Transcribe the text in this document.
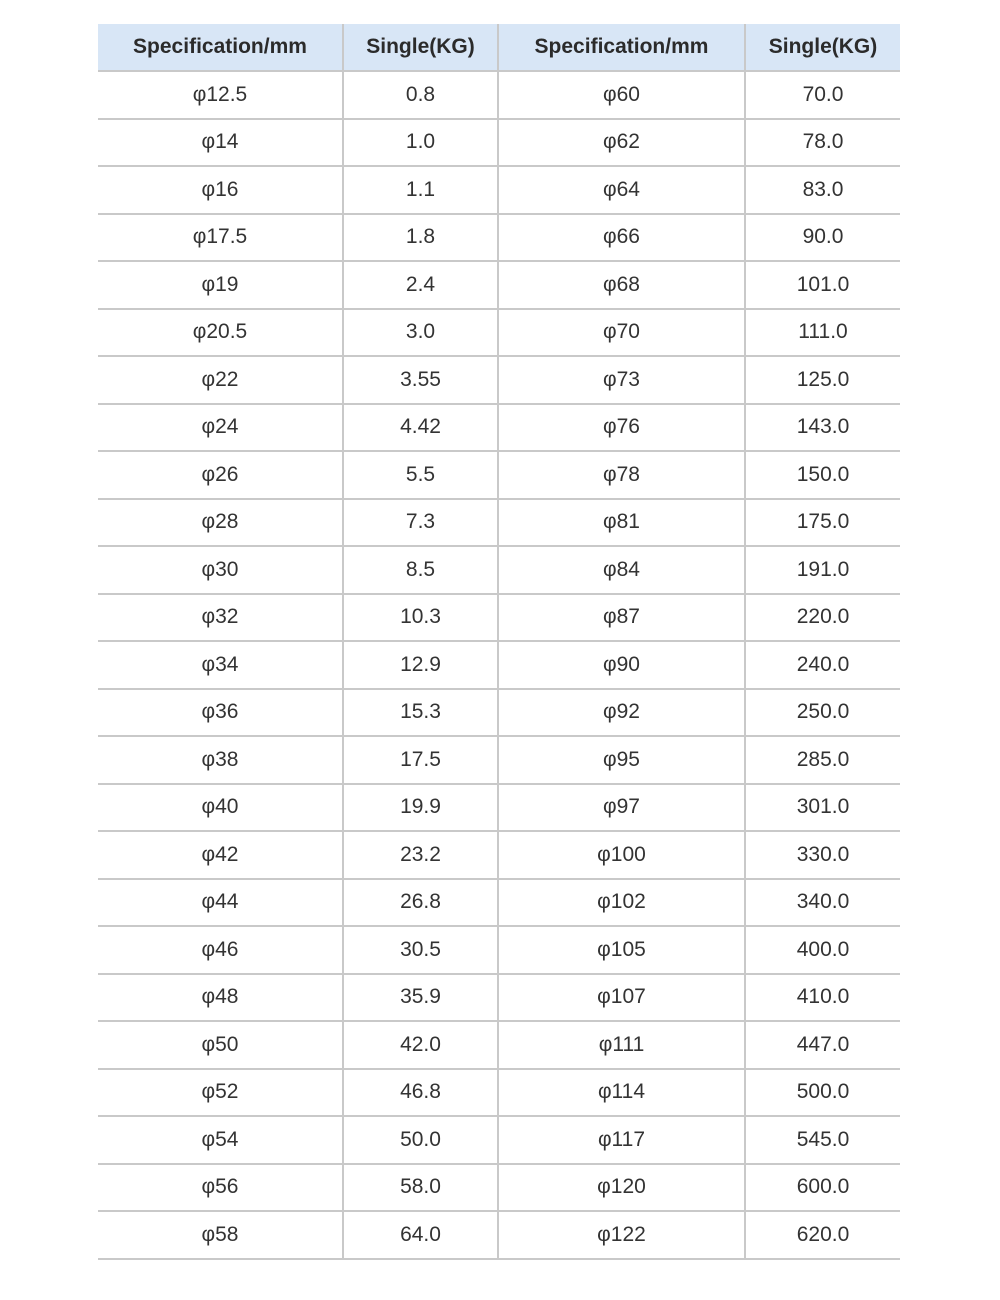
Specification/mm	Single(KG)	Specification/mm	Single(KG)
φ12.5	0.8	φ60	70.0
φ14	1.0	φ62	78.0
φ16	1.1	φ64	83.0
φ17.5	1.8	φ66	90.0
φ19	2.4	φ68	101.0
φ20.5	3.0	φ70	111.0
φ22	3.55	φ73	125.0
φ24	4.42	φ76	143.0
φ26	5.5	φ78	150.0
φ28	7.3	φ81	175.0
φ30	8.5	φ84	191.0
φ32	10.3	φ87	220.0
φ34	12.9	φ90	240.0
φ36	15.3	φ92	250.0
φ38	17.5	φ95	285.0
φ40	19.9	φ97	301.0
φ42	23.2	φ100	330.0
φ44	26.8	φ102	340.0
φ46	30.5	φ105	400.0
φ48	35.9	φ107	410.0
φ50	42.0	φ111	447.0
φ52	46.8	φ114	500.0
φ54	50.0	φ117	545.0
φ56	58.0	φ120	600.0
φ58	64.0	φ122	620.0
